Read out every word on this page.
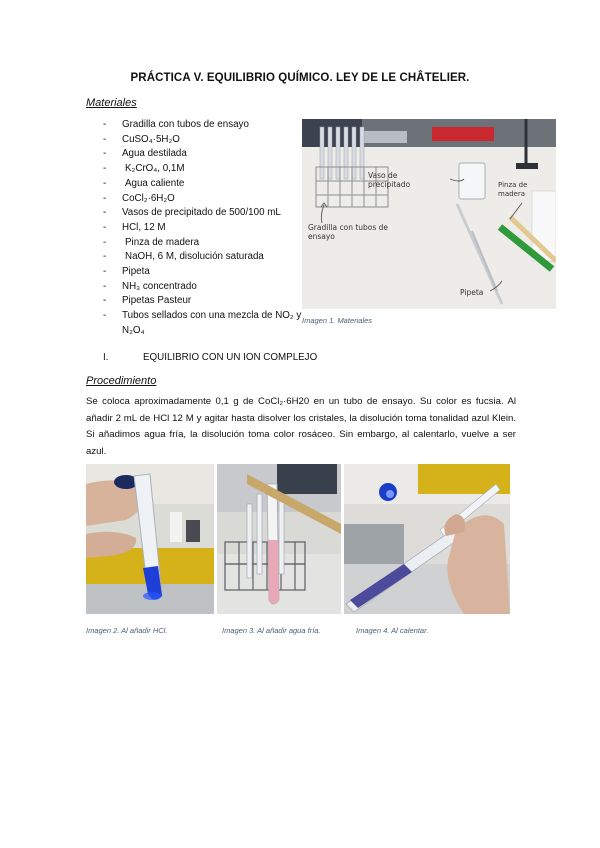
PRÁCTICA V. EQUILIBRIO QUÍMICO. LEY DE LE CHÂTELIER.
Materiales
-	Gradilla con tubos de ensayo
-	CuSO₄·5H₂O
-	Agua destilada
-	K₂CrO₄, 0,1M
-	Agua caliente
-	CoCl₂·6H₂O
-	Vasos de precipitado de 500/100 mL
-	HCl, 12 M
-	Pinza de madera
-	NaOH, 6 M, disolución saturada
-	Pipeta
-	NH₃ concentrado
-	Pipetas Pasteur
-	Tubos sellados con una mezcla de NO₂ y N₂O₄
Vaso de precipitado	Pinza de madera
Gradilla con tubos de ensayo
Pipeta
Imagen 1. Materiales
I.	EQUILIBRIO CON UN ION COMPLEJO
Procedimiento
Se coloca aproximadamente 0,1 g de CoCl₂·6H20 en un tubo de ensayo. Su color es fucsia. Al añadir 2 mL de HCl 12 M y agitar hasta disolver los cristales, la disolución toma tonalidad azul Klein. Si añadimos agua fría, la disolución toma color rosáceo. Sin embargo, al calentarlo, vuelve a ser azul.
Imagen 2. Al añadir HCl.	Imagen 3. Al añadir agua fría.	Imagen 4. Al calentar.
